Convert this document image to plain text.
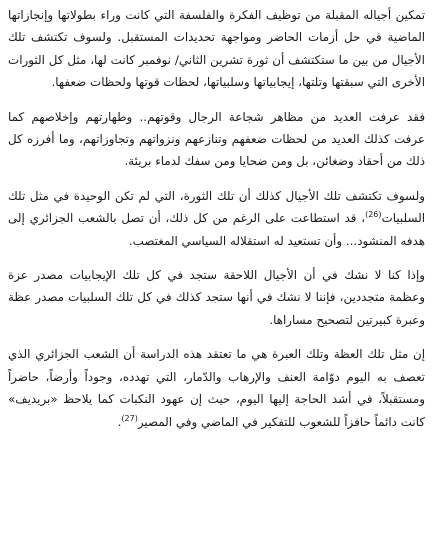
تمكين أجياله المقبلة من توظيف الفكرة والفلسفة التي كانت وراء بطولاتها وإنجازاتها الماضية في حل أزمات الحاضر ومواجهة تحديدات المستقبل. ولسوف تكتشف تلك الأجيال من بين ما ستكتشف أن ثورة تشرين الثاني/ نوفمبر كانت لها، مثل كل الثورات الأخرى التي سبقتها وتلتها، إيجابياتها وسلبياتها، لحظات قوتها ولحظات ضعفها.

فقد عرفت العديد من مظاهر شجاعة الرجال وقوتهم.. وطهارتهم وإخلاصهم كما عرفت كذلك العديد من لحظات ضعفهم وتنازعهم ونزواتهم وتجاوزاتهم، وما أفرزه كل ذلك من أحقاد وضغائن، بل ومن ضحايا ومن سفك لدماء بريئة.

ولسوف تكتشف تلك الأجيال كذلك أن تلك الثورة، التي لم تكن الوحيدة في مثل تلك السلبيات$^{(26)}$، قد استطاعت على الرغم من كل ذلك، أن تصل بالشعب الجزائري إلى هدفه المنشود... وأن تستعيد له استقلاله السياسي المغتصب.

وإذا كنا لا نشك في أن الأجيال اللاحقة ستجد في كل تلك الإيجابيات مصدر عزة وعظمة متجددين، فإننا لا نشك في أنها ستجد كذلك في كل تلك السلبيات مصدر عظة وعبرة كبيرتين لتصحيح مساراها.

إن مثل تلك العظة وتلك العبرة هي ما تعتقد هذه الدراسة أن الشعب الجزائري الذي تعصف به اليوم دوّامة العنف والإرهاب والدّمار، التي تهدده، وجوداً وأرضاً، حاضراً ومستقبلاً، في أشد الحاجة إليها اليوم، حيث إن عهود النكبات كما يلاحظ «بريديف» كانت دائماً حافزاً للشعوب للتفكير في الماضي وفي المصير$^{(27)}$.
